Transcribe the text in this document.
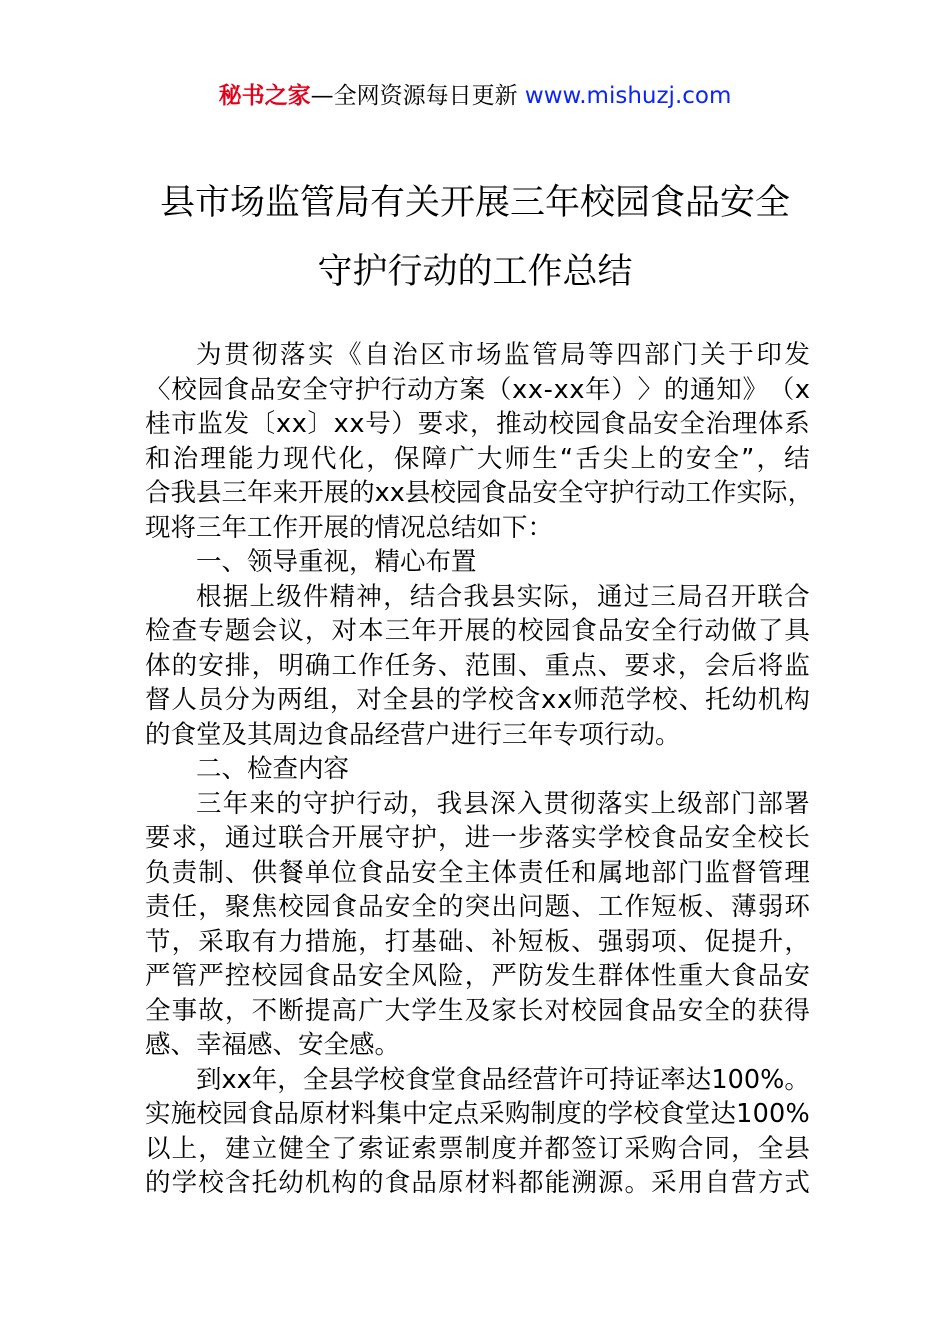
秘书之家—全网资源每日更新 www.mishuzj.com
县市场监管局有关开展三年校园食品安全
守护行动的工作总结
为 贯 彻 落 实 《 自 治 区 市 场 监 管 局 等 四 部 门 关 于 印 发
〈 校 园 食 品 安 全 守 护 行 动 方 案 （ x x - x x 年 ） 〉 的 通 知 》 （ x
桂 市 监 发 〔 x x 〕 x x 号 ） 要 求 ， 推 动 校 园 食 品 安 全 治 理 体 系
和 治 理 能 力 现 代 化 ， 保 障 广 大 师 生 “ 舌 尖 上 的 安 全 ” ， 结
合 我 县 三 年 来 开 展 的 x x 县 校 园 食 品 安 全 守 护 行 动 工 作 实 际 ，
现将三年工作开展的情况总结如下：
一、领导重视，精心布置
根 据 上 级 件 精 神 ， 结 合 我 县 实 际 ， 通 过 三 局 召 开 联 合
检 查 专 题 会 议 ， 对 本 三 年 开 展 的 校 园 食 品 安 全 行 动 做 了 具
体 的 安 排 ， 明 确 工 作 任 务 、 范 围 、 重 点 、 要 求 ， 会 后 将 监
督 人 员 分 为 两 组 ， 对 全 县 的 学 校 含 x x 师 范 学 校 、 托 幼 机 构
的食堂及其周边食品经营户进行三年专项行动。
二、检查内容
三 年 来 的 守 护 行 动 ， 我 县 深 入 贯 彻 落 实 上 级 部 门 部 署
要 求 ， 通 过 联 合 开 展 守 护 ， 进 一 步 落 实 学 校 食 品 安 全 校 长
负 责 制 、 供 餐 单 位 食 品 安 全 主 体 责 任 和 属 地 部 门 监 督 管 理
责 任 ， 聚 焦 校 园 食 品 安 全 的 突 出 问 题 、 工 作 短 板 、 薄 弱 环
节 ， 采 取 有 力 措 施 ， 打 基 础 、 补 短 板 、 强 弱 项 、 促 提 升 ，
严 管 严 控 校 园 食 品 安 全 风 险 ， 严 防 发 生 群 体 性 重 大 食 品 安
全 事 故 ， 不 断 提 高 广 大 学 生 及 家 长 对 校 园 食 品 安 全 的 获 得
感、幸福感、安全感。
到 x x 年 ， 全 县 学 校 食 堂 食 品 经 营 许 可 持 证 率 达 1 0 0 % 。
实 施 校 园 食 品 原 材 料 集 中 定 点 采 购 制 度 的 学 校 食 堂 达 1 0 0 %
以 上 ， 建 立 健 全 了 索 证 索 票 制 度 并 都 签 订 采 购 合 同 ， 全 县
的 学 校 含 托 幼 机 构 的 食 品 原 材 料 都 能 溯 源 。 采 用 自 营 方 式
